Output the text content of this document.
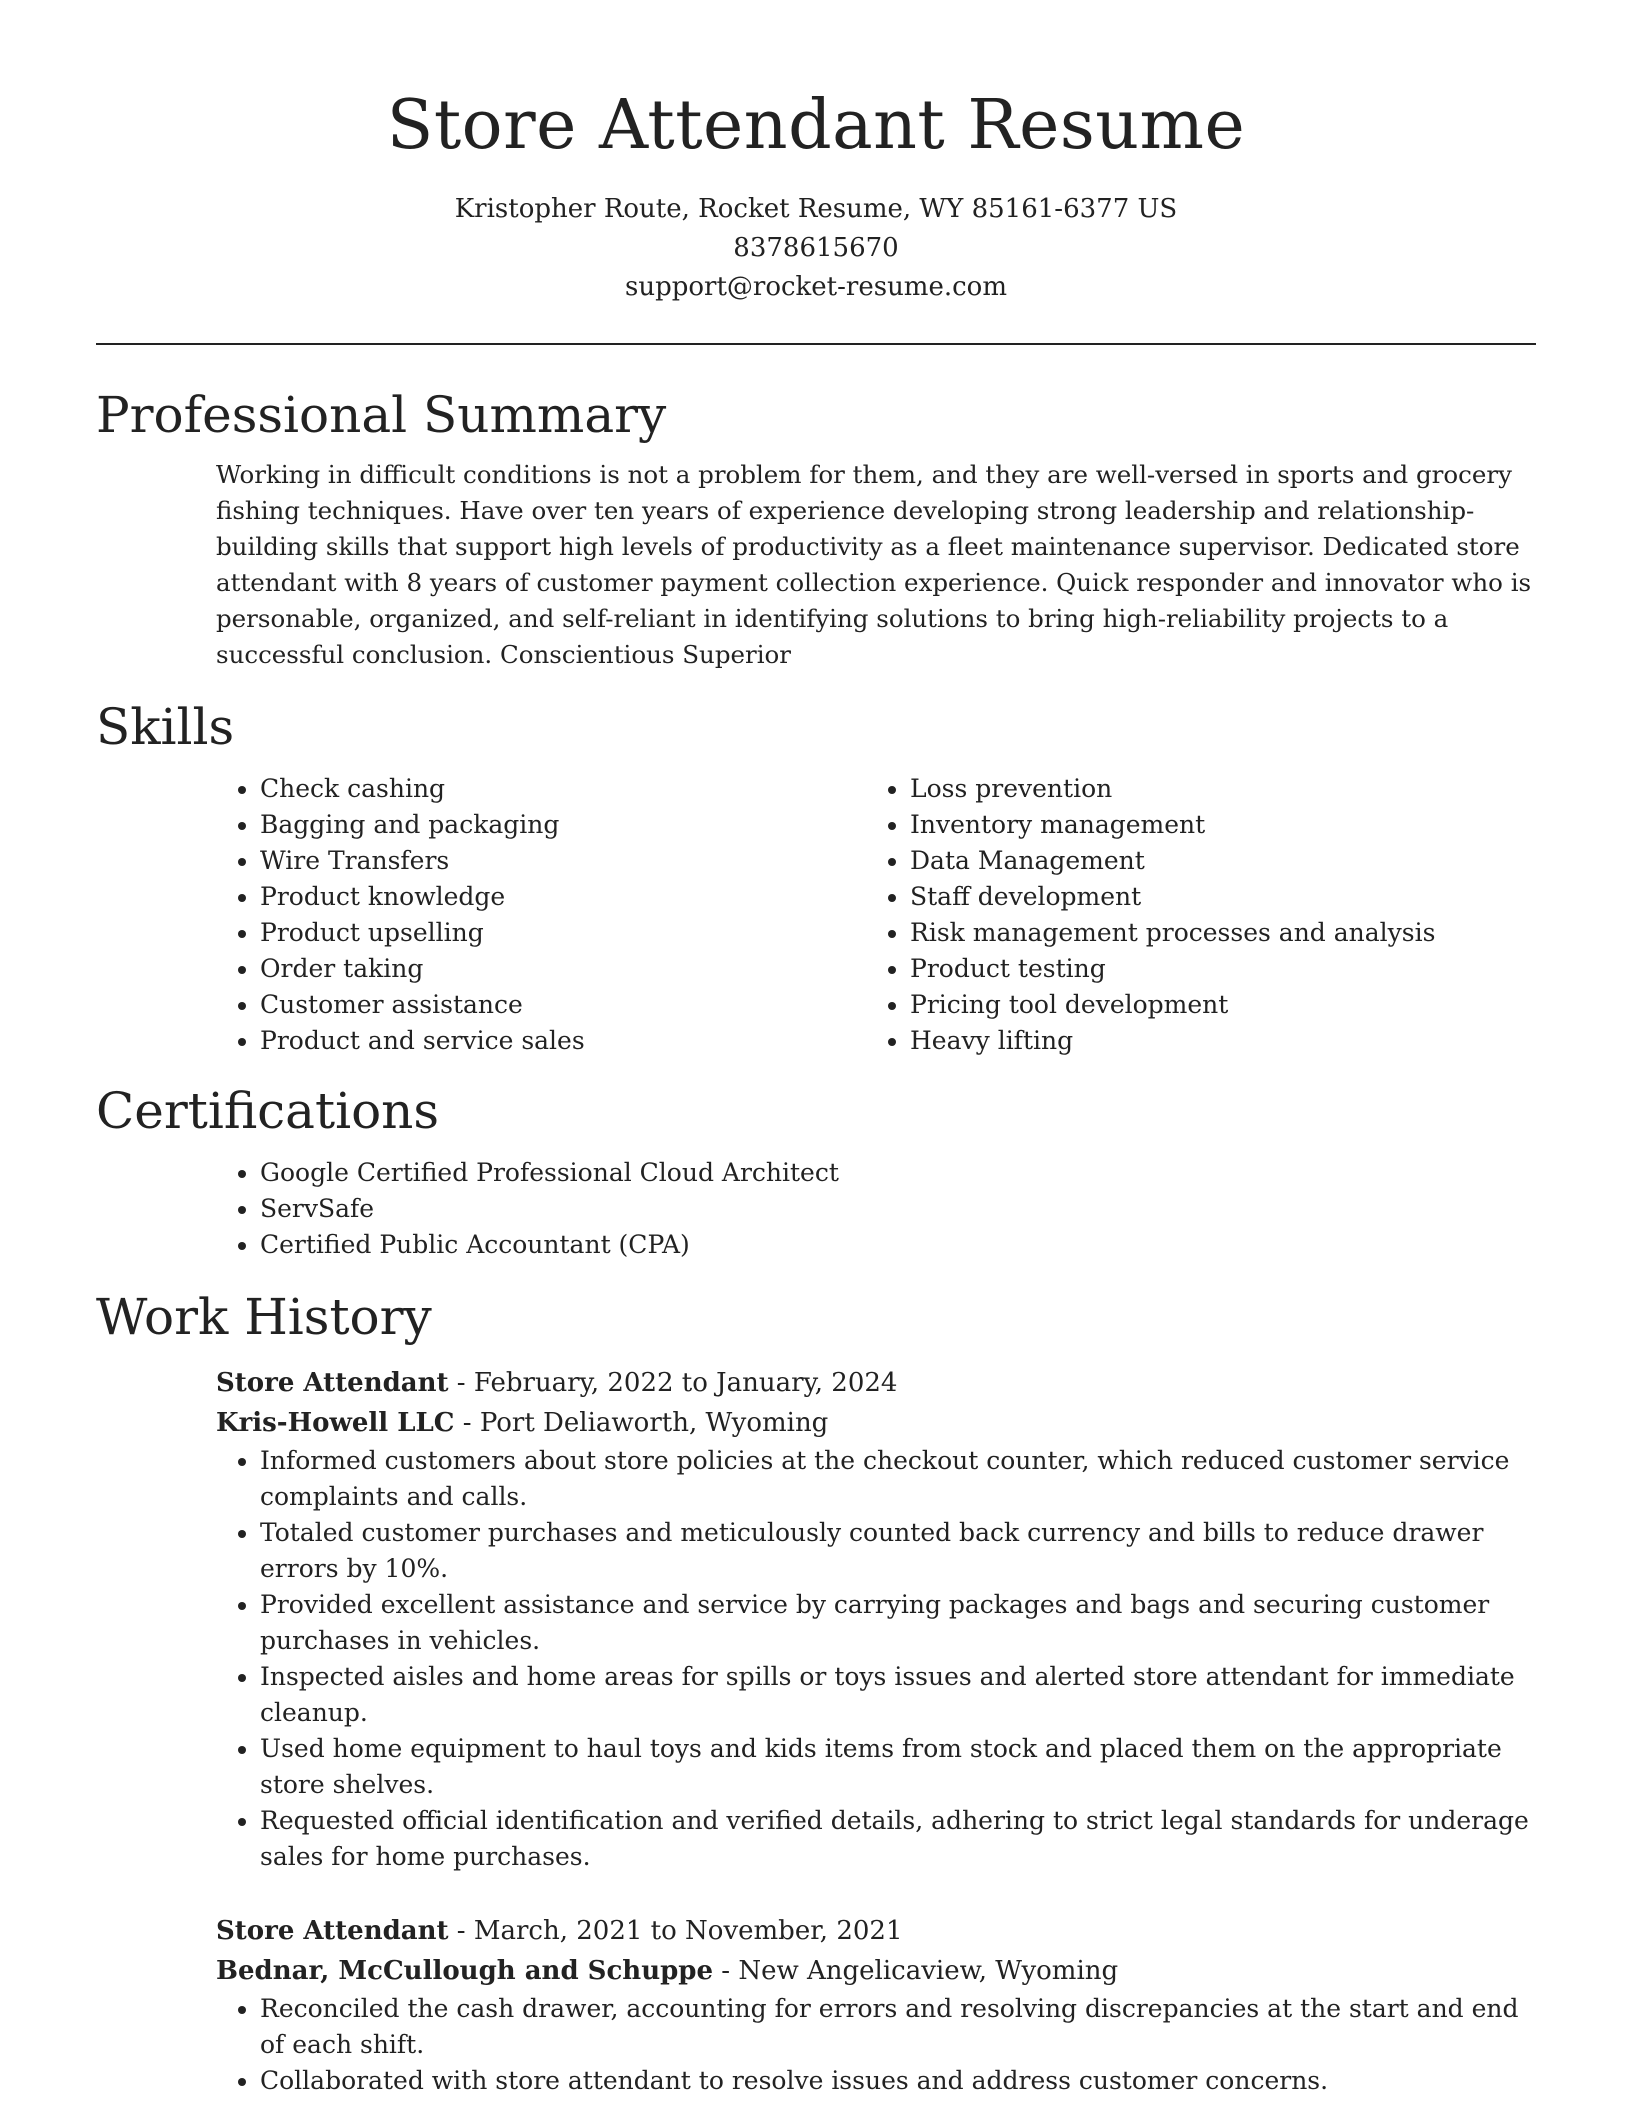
Store Attendant Resume
Kristopher Route, Rocket Resume, WY 85161-6377 US
8378615670
support@rocket-resume.com
Professional Summary
Working in difficult conditions is not a problem for them, and they are well-versed in sports and grocery fishing techniques. Have over ten years of experience developing strong leadership and relationship-building skills that support high levels of productivity as a fleet maintenance supervisor. Dedicated store attendant with 8 years of customer payment collection experience. Quick responder and innovator who is personable, organized, and self-reliant in identifying solutions to bring high-reliability projects to a successful conclusion. Conscientious Superior
Skills
• Check cashing
• Bagging and packaging
• Wire Transfers
• Product knowledge
• Product upselling
• Order taking
• Customer assistance
• Product and service sales
• Loss prevention
• Inventory management
• Data Management
• Staff development
• Risk management processes and analysis
• Product testing
• Pricing tool development
• Heavy lifting
Certifications
• Google Certified Professional Cloud Architect
• ServSafe
• Certified Public Accountant (CPA)
Work History
Store Attendant - February, 2022 to January, 2024
Kris-Howell LLC - Port Deliaworth, Wyoming
• Informed customers about store policies at the checkout counter, which reduced customer service complaints and calls.
• Totaled customer purchases and meticulously counted back currency and bills to reduce drawer errors by 10%.
• Provided excellent assistance and service by carrying packages and bags and securing customer purchases in vehicles.
• Inspected aisles and home areas for spills or toys issues and alerted store attendant for immediate cleanup.
• Used home equipment to haul toys and kids items from stock and placed them on the appropriate store shelves.
• Requested official identification and verified details, adhering to strict legal standards for underage sales for home purchases.
Store Attendant - March, 2021 to November, 2021
Bednar, McCullough and Schuppe - New Angelicaview, Wyoming
• Reconciled the cash drawer, accounting for errors and resolving discrepancies at the start and end of each shift.
• Collaborated with store attendant to resolve issues and address customer concerns.
